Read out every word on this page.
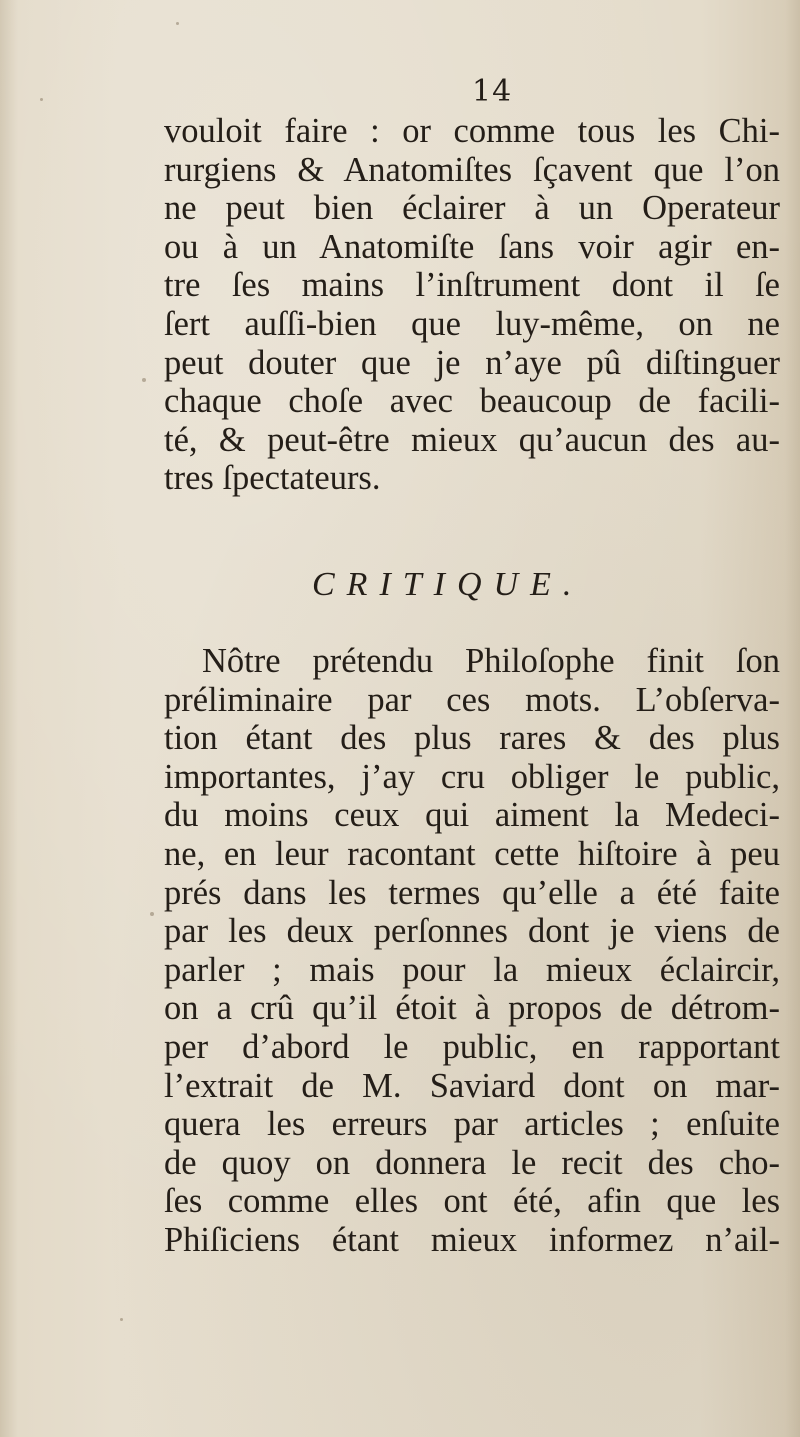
14
vouloit faire : or comme tous les Chi-
rurgiens & Anatomiſtes ſçavent que l’on
ne peut bien éclairer à un Operateur
ou à un Anatomiſte ſans voir agir en-
tre ſes mains l’inſtrument dont il ſe
ſert auſſi-bien que luy-même, on ne
peut douter que je n’aye pû diſtinguer
chaque choſe avec beaucoup de facili-
té, & peut-être mieux qu’aucun des au-
tres ſpectateurs.
CRITIQUE.
Nôtre prétendu Philoſophe finit ſon
préliminaire par ces mots. L’obſerva-
tion étant des plus rares & des plus
importantes, j’ay cru obliger le public,
du moins ceux qui aiment la Medeci-
ne, en leur racontant cette hiſtoire à peu
prés dans les termes qu’elle a été faite
par les deux perſonnes dont je viens de
parler ; mais pour la mieux éclaircir,
on a crû qu’il étoit à propos de détrom-
per d’abord le public, en rapportant
l’extrait de M. Saviard dont on mar-
quera les erreurs par articles ; enſuite
de quoy on donnera le recit des cho-
ſes comme elles ont été, afin que les
Phiſiciens étant mieux informez n’ail-
